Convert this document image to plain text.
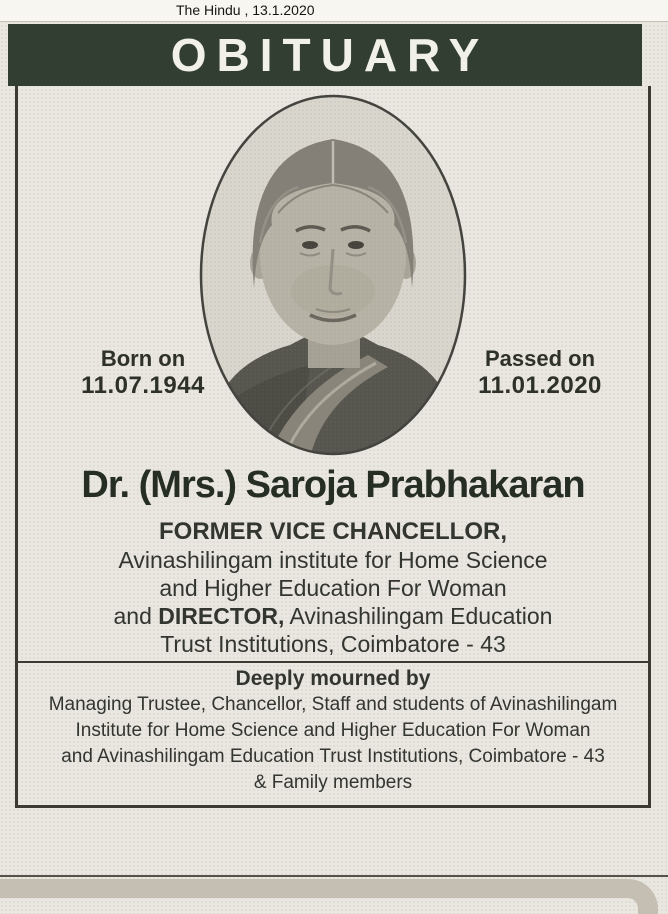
The Hindu , 13.1.2020
OBITUARY
Born on
11.07.1944
Passed on
11.01.2020
Dr. (Mrs.) Saroja Prabhakaran
FORMER VICE CHANCELLOR,
Avinashilingam institute for Home Science
and Higher Education For Woman
and DIRECTOR, Avinashilingam Education
Trust Institutions, Coimbatore - 43
Deeply mourned by
Managing Trustee, Chancellor, Staff and students of Avinashilingam
Institute for Home Science and Higher Education For Woman
and Avinashilingam Education Trust Institutions, Coimbatore - 43
& Family members
